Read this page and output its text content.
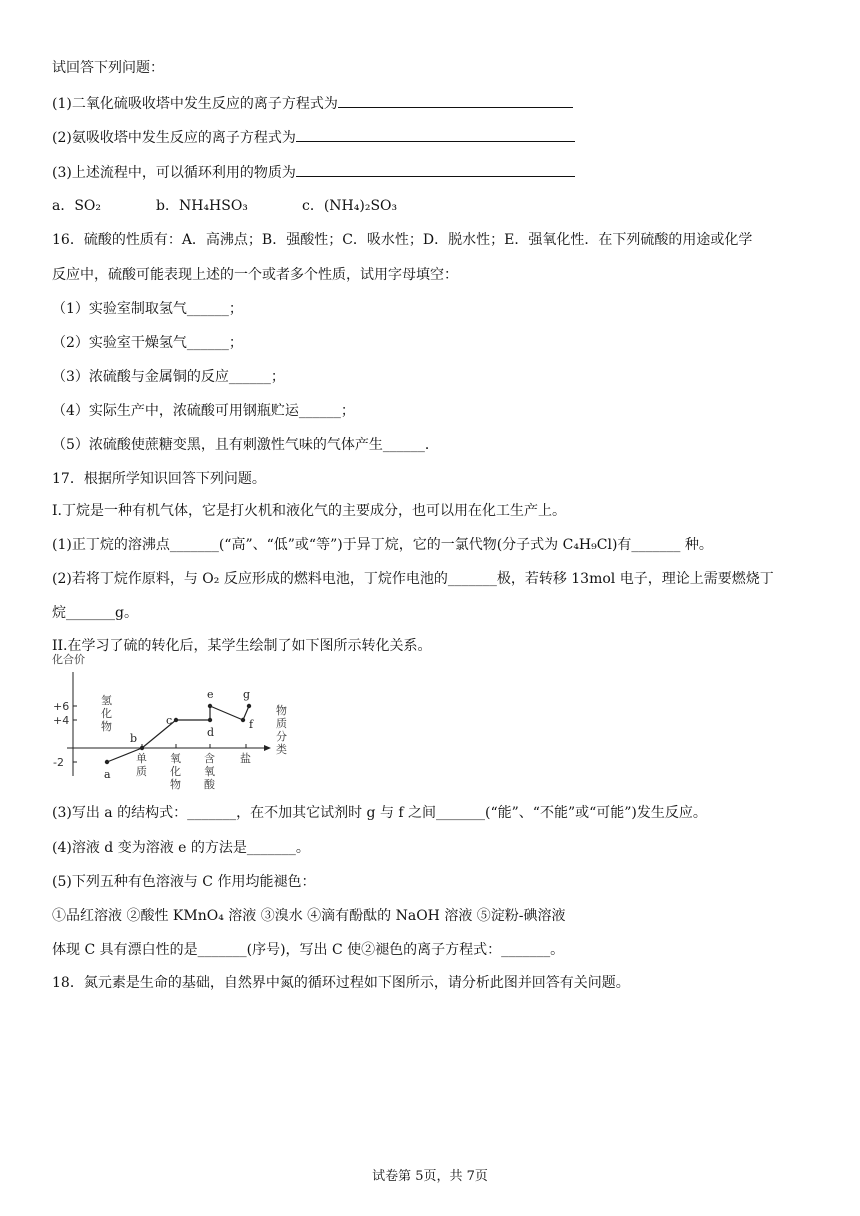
试回答下列问题：
(1)二氧化硫吸收塔中发生反应的离子方程式为
(2)氨吸收塔中发生反应的离子方程式为
(3)上述流程中，可以循环利用的物质为
a．SO₂	b．NH₄HSO₃	c．(NH₄)₂SO₃
16．硫酸的性质有：A．高沸点；B．强酸性；C．吸水性；D．脱水性；E．强氧化性．在下列硫酸的用途或化学
反应中，硫酸可能表现上述的一个或者多个性质，试用字母填空：
（1）实验室制取氢气______；
（2）实验室干燥氢气______；
（3）浓硫酸与金属铜的反应______；
（4）实际生产中，浓硫酸可用钢瓶贮运______；
（5）浓硫酸使蔗糖变黑，且有刺激性气味的气体产生______．
17．根据所学知识回答下列问题。
I.丁烷是一种有机气体，它是打火机和液化气的主要成分，也可以用在化工生产上。
(1)正丁烷的溶沸点_______(“高”、“低”或“等”)于异丁烷，它的一氯代物(分子式为 C₄H₉Cl)有_______ 种。
(2)若将丁烷作原料，与 O₂ 反应形成的燃料电池，丁烷作电池的_______极，若转移 13mol 电子，理论上需要燃烧丁
烷_______g。
II.在学习了硫的转化后，某学生绘制了如下图所示转化关系。
化合价
物质分类
氢化物
+6
+4
-2	单质
氧化物
含氧酸
盐
a
b
c
d
e
f
g
(3)写出 a 的结构式：_______，在不加其它试剂时 g 与 f 之间_______(“能”、“不能”或“可能”)发生反应。
(4)溶液 d 变为溶液 e 的方法是_______。
(5)下列五种有色溶液与 C 作用均能褪色：
①品红溶液 ②酸性 KMnO₄ 溶液 ③溴水 ④滴有酚酞的 NaOH 溶液 ⑤淀粉-碘溶液
体现 C 具有漂白性的是_______(序号)，写出 C 使②褪色的离子方程式：_______。
18．氮元素是生命的基础，自然界中氮的循环过程如下图所示，请分析此图并回答有关问题。
试卷第 5页，共 7页
